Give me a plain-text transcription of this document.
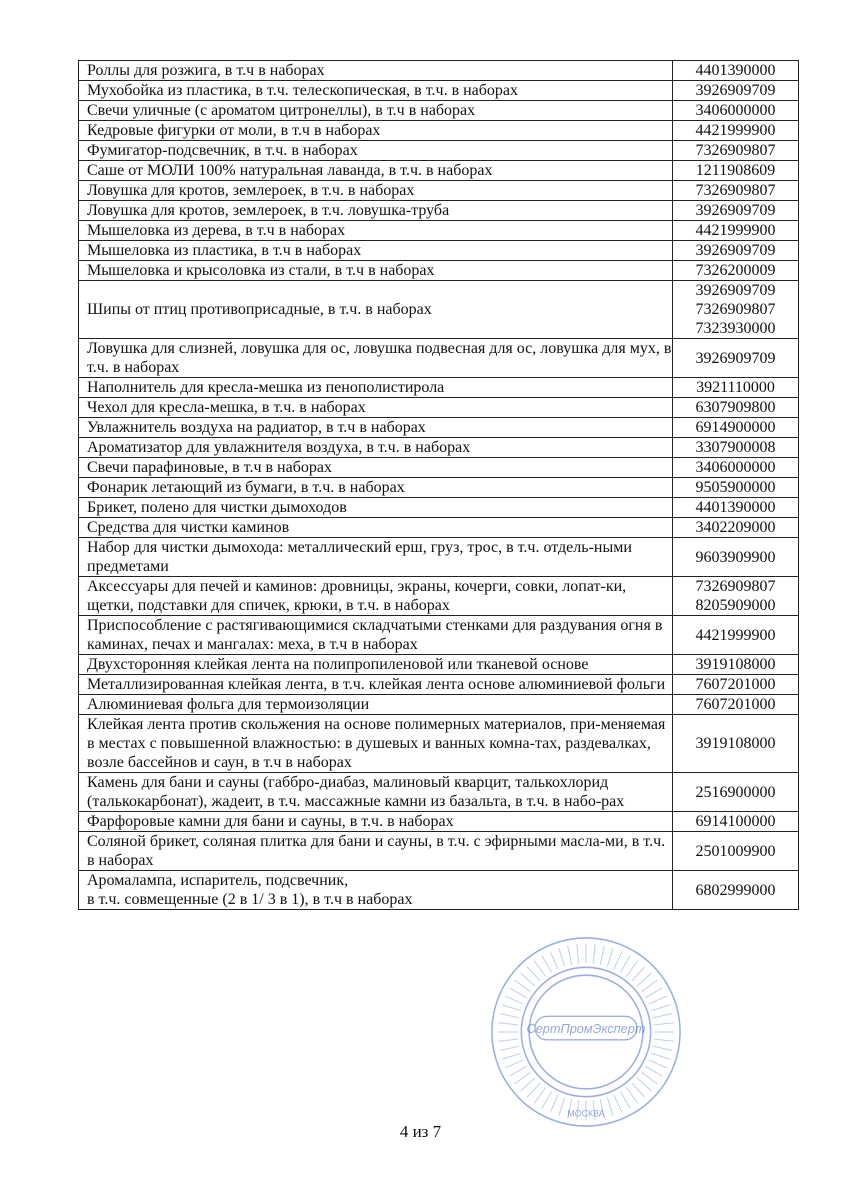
Роллы для розжига, в т.ч в наборах	4401390000

Мухобойка из пластика, в т.ч. телескопическая, в т.ч. в наборах	3926909709

Свечи уличные (с ароматом цитронеллы), в т.ч в наборах	3406000000

Кедровые фигурки от моли, в т.ч в наборах	4421999900

Фумигатор-подсвечник, в т.ч. в наборах	7326909807

Саше от МОЛИ 100% натуральная лаванда, в т.ч. в наборах	1211908609

Ловушка для кротов, землероек, в т.ч. в наборах	7326909807

Ловушка для кротов, землероек, в т.ч. ловушка-труба	3926909709

Мышеловка из дерева, в т.ч в наборах	4421999900

Мышеловка из пластика, в т.ч в наборах	3926909709

Мышеловка и крысоловка из стали, в т.ч в наборах	7326200009

Шипы от птиц противоприсадные, в т.ч. в наборах	3926909709
7326909807
7323930000

Ловушка для слизней, ловушка для ос, ловушка подвесная для ос, ловушка для мух, в т.ч. в наборах	3926909709

Наполнитель для кресла-мешка из пенополистирола	3921110000

Чехол для кресла-мешка, в т.ч. в наборах	6307909800

Увлажнитель воздуха на радиатор, в т.ч в наборах	6914900000

Ароматизатор для увлажнителя воздуха, в т.ч. в наборах	3307900008

Свечи парафиновые, в т.ч в наборах	3406000000

Фонарик летающий из бумаги, в т.ч. в наборах	9505900000

Брикет, полено для чистки дымоходов	4401390000

Средства для чистки каминов	3402209000

Набор для чистки дымохода: металлический ерш, груз, трос, в т.ч. отдель-ными предметами	9603909900

Аксессуары для печей и каминов: дровницы, экраны, кочерги, совки, лопат-ки, щетки, подставки для спичек, крюки, в т.ч. в наборах	7326909807
8205909000

Приспособление с растягивающимися складчатыми стенками для раздувания огня в каминах, печах и мангалах: меха, в т.ч в наборах	4421999900

Двухсторонняя клейкая лента на полипропиленовой или тканевой основе	3919108000

Металлизированная клейкая лента, в т.ч. клейкая лента основе алюминиевой фольги	7607201000

Алюминиевая фольга для термоизоляции	7607201000

Клейкая лента против скольжения на основе полимерных материалов, при-меняемая в местах с повышенной влажностью: в душевых и ванных комна-тах, раздевалках, возле бассейнов и саун, в т.ч в наборах	3919108000

Камень для бани и сауны (габбро-диабаз, малиновый кварцит, талькохлорид (талькокарбонат), жадеит, в т.ч. массажные камни из базальта, в т.ч. в набо-рах	2516900000

Фарфоровые камни для бани и сауны, в т.ч. в наборах	6914100000

Соляной брикет, соляная плитка для бани и сауны, в т.ч. с эфирными масла-ми, в т.ч. в наборах	2501009900

Аромалампа, испаритель, подсвечник,
в т.ч. совмещенные (2 в 1/ 3 в 1), в т.ч в наборах	6802999000
4 из 7
СертПромЭксперт
МОСКВА
